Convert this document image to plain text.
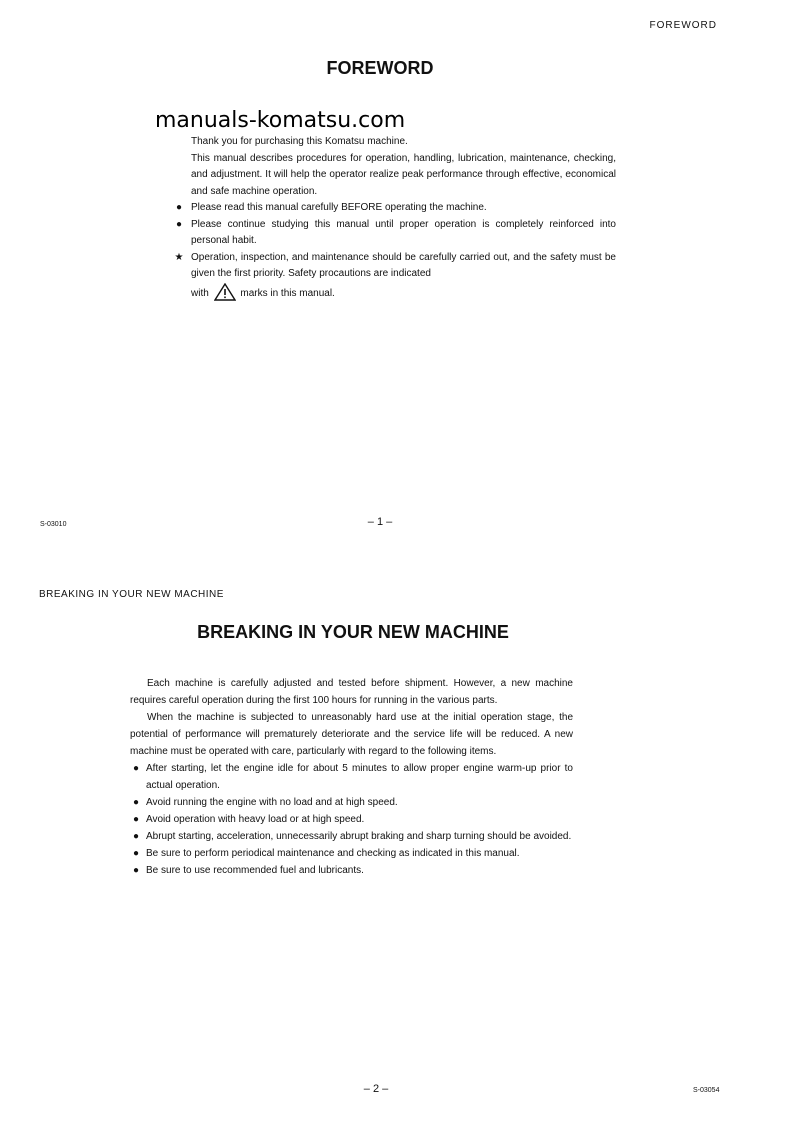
FOREWORD
FOREWORD
manuals-komatsu.com

Thank you for purchasing this Komatsu machine.

This manual describes procedures for operation, handling, lubrication, maintenance, checking, and adjustment. It will help the operator realize peak performance through effective, economical and safe machine operation.

● Please read this manual carefully BEFORE operating the machine.
● Please continue studying this manual until proper operation is completely reinforced into personal habit.
★ Operation, inspection, and maintenance should be carefully carried out, and the safety must be given the first priority. Safety procautions are indicated
with	marks in this manual.
S-03010	– 1 –
BREAKING IN YOUR NEW MACHINE
BREAKING IN YOUR NEW MACHINE

Each machine is carefully adjusted and tested before shipment. However, a new machine requires careful operation during the first 100 hours for running in the various parts.

When the machine is subjected to unreasonably hard use at the initial operation stage, the potential of performance will prematurely deteriorate and the service life will be reduced. A new machine must be operated with care, particularly with regard to the following items.

● After starting, let the engine idle for about 5 minutes to allow proper engine warm-up prior to actual operation.
● Avoid running the engine with no load and at high speed.
● Avoid operation with heavy load or at high speed.
● Abrupt starting, acceleration, unnecessarily abrupt braking and sharp turning should be avoided.
● Be sure to perform periodical maintenance and checking as indicated in this manual.
● Be sure to use recommended fuel and lubricants.
– 2 –	S-03054
